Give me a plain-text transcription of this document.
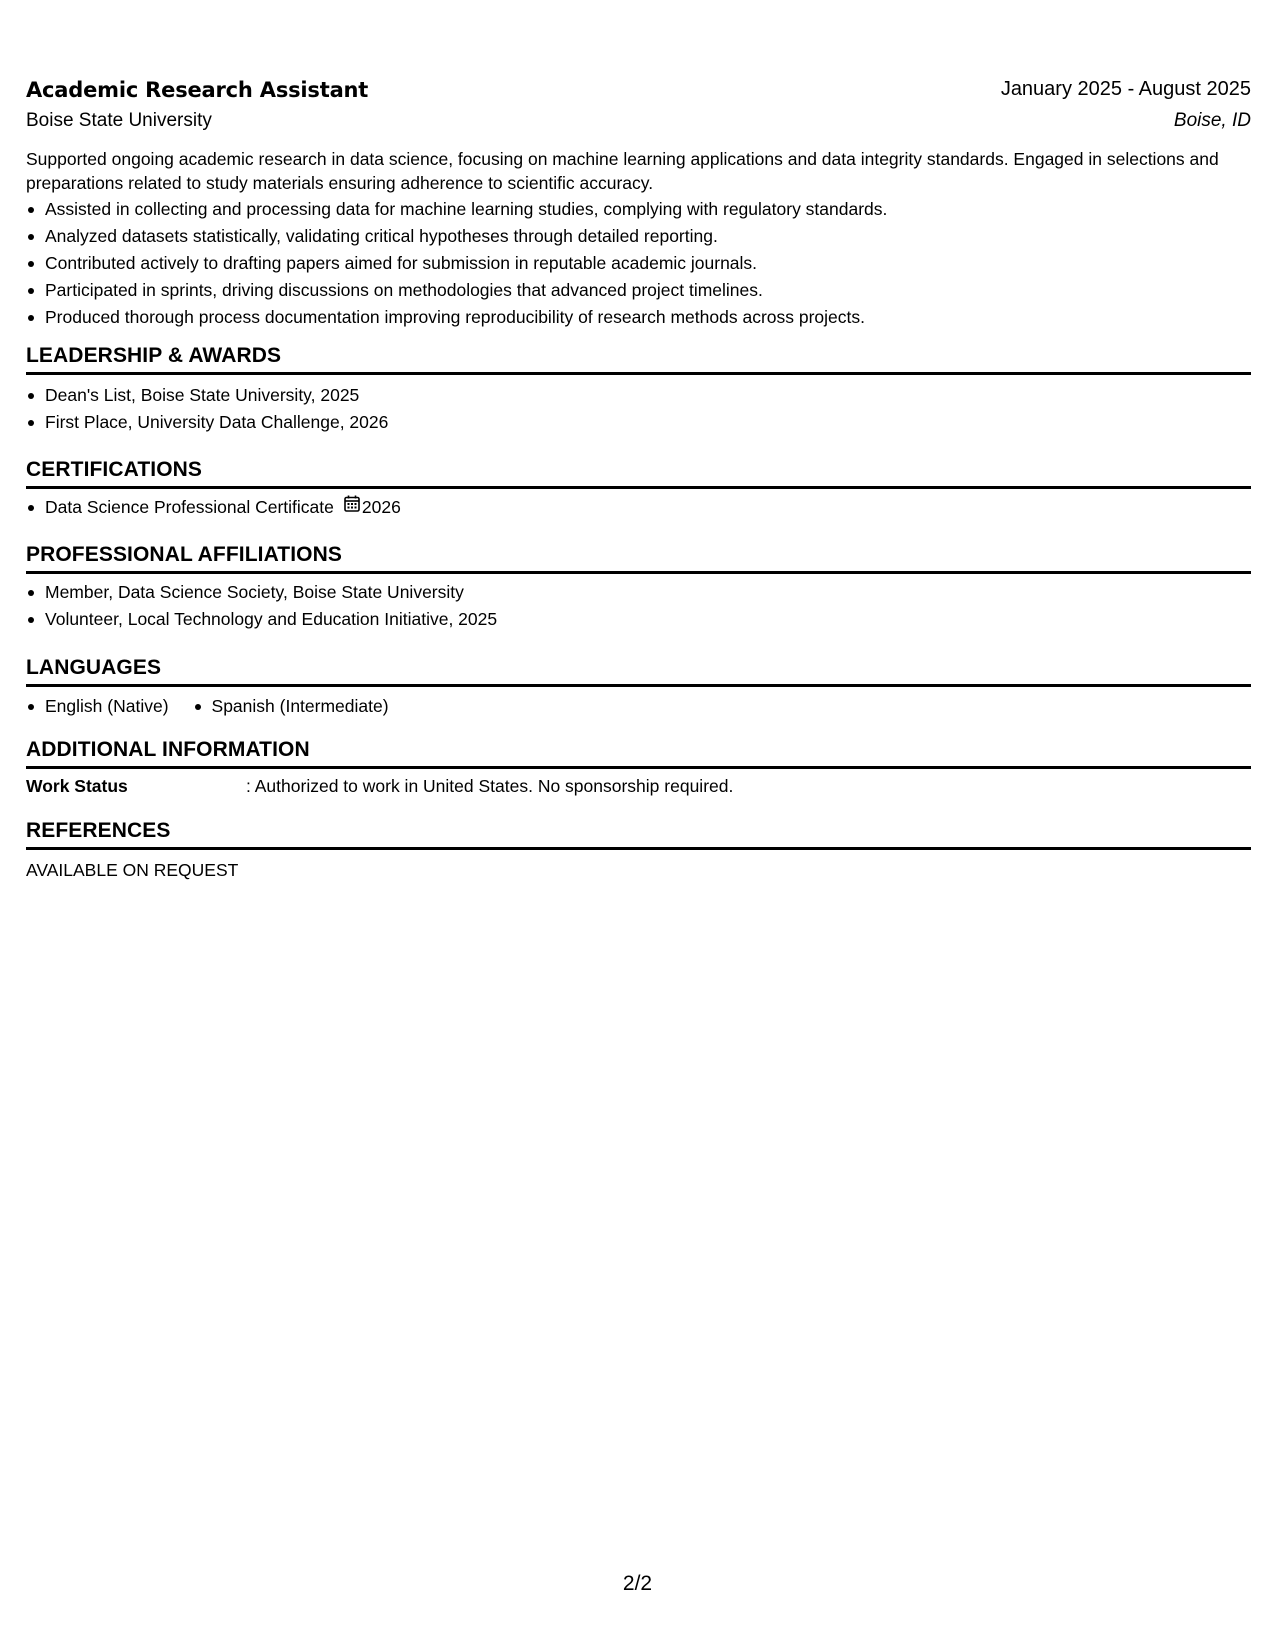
Academic Research Assistant	January 2025 - August 2025
Boise State University	Boise, ID
Supported ongoing academic research in data science, focusing on machine learning applications and data integrity standards. Engaged in selections and preparations related to study materials ensuring adherence to scientific accuracy.
Assisted in collecting and processing data for machine learning studies, complying with regulatory standards.
Analyzed datasets statistically, validating critical hypotheses through detailed reporting.
Contributed actively to drafting papers aimed for submission in reputable academic journals.
Participated in sprints, driving discussions on methodologies that advanced project timelines.
Produced thorough process documentation improving reproducibility of research methods across projects.
LEADERSHIP & AWARDS
Dean's List, Boise State University, 2025
First Place, University Data Challenge, 2026
CERTIFICATIONS
Data Science Professional Certificate 2026
PROFESSIONAL AFFILIATIONS
Member, Data Science Society, Boise State University
Volunteer, Local Technology and Education Initiative, 2025
LANGUAGES
English (Native)	Spanish (Intermediate)
ADDITIONAL INFORMATION
Work Status	: Authorized to work in United States. No sponsorship required.
REFERENCES
AVAILABLE ON REQUEST
2/2
